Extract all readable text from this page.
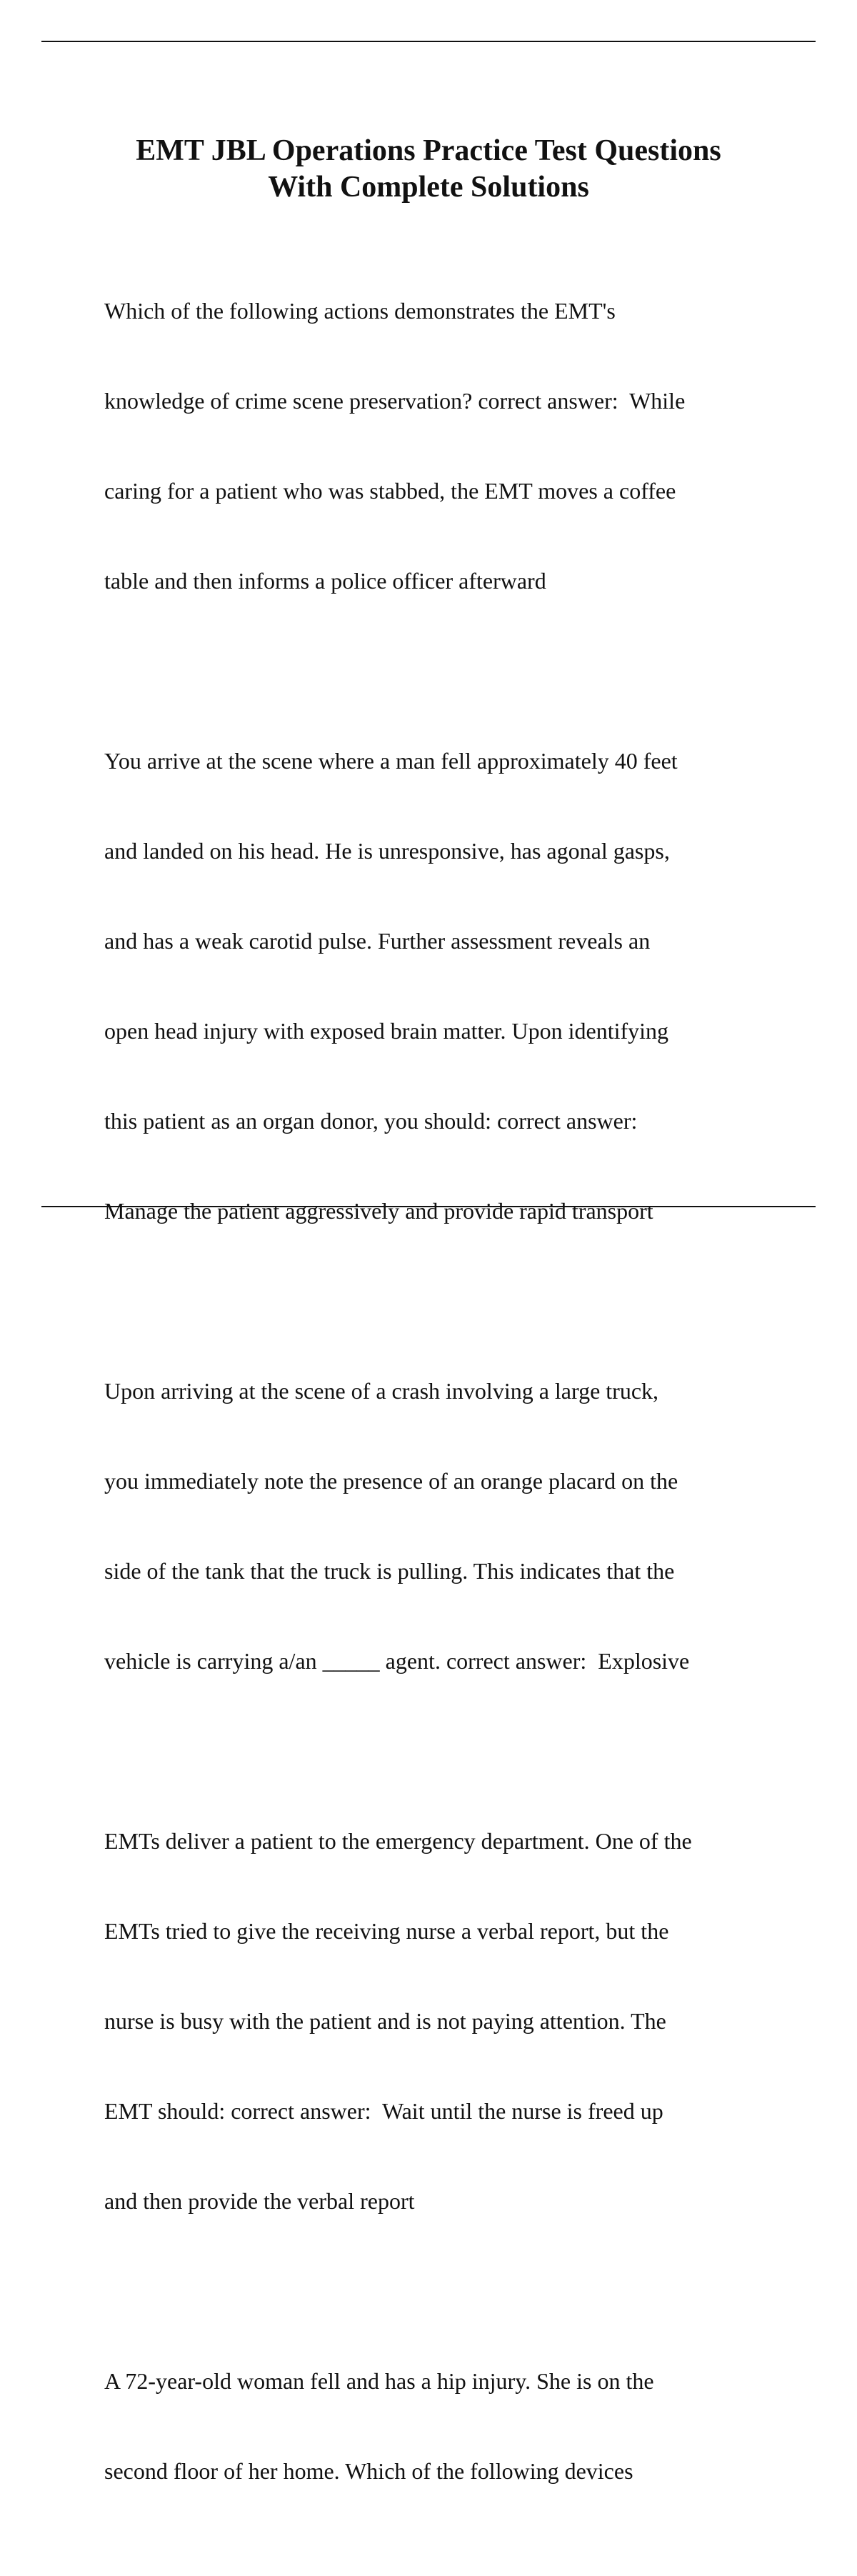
EMT JBL Operations Practice Test Questions
With Complete Solutions

Which of the following actions demonstrates the EMT's

knowledge of crime scene preservation? correct answer:  While

caring for a patient who was stabbed, the EMT moves a coffee

table and then informs a police officer afterward

You arrive at the scene where a man fell approximately 40 feet

and landed on his head. He is unresponsive, has agonal gasps,

and has a weak carotid pulse. Further assessment reveals an

open head injury with exposed brain matter. Upon identifying

this patient as an organ donor, you should: correct answer:

Manage the patient aggressively and provide rapid transport

Upon arriving at the scene of a crash involving a large truck,

you immediately note the presence of an orange placard on the

side of the tank that the truck is pulling. This indicates that the

vehicle is carrying a/an _____ agent. correct answer:  Explosive

EMTs deliver a patient to the emergency department. One of the

EMTs tried to give the receiving nurse a verbal report, but the

nurse is busy with the patient and is not paying attention. The

EMT should: correct answer:  Wait until the nurse is freed up

and then provide the verbal report

A 72-year-old woman fell and has a hip injury. She is on the

second floor of her home. Which of the following devices
